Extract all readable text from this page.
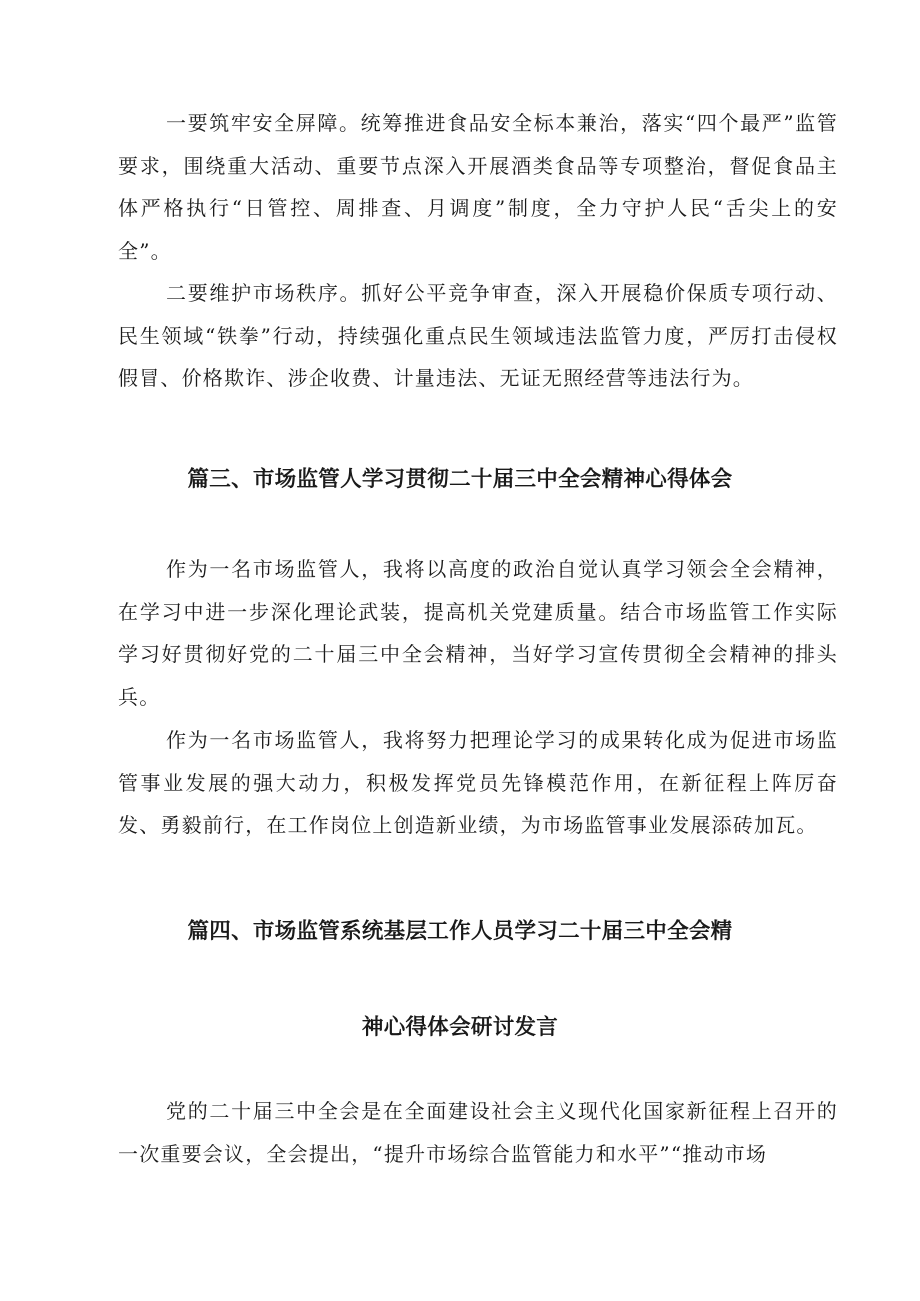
一要筑牢安全屏障。统筹推进食品安全标本兼治，落实“四个最严”监管要求，围绕重大活动、重要节点深入开展酒类食品等专项整治，督促食品主体严格执行“日管控、周排查、月调度”制度，全力守护人民“舌尖上的安全”。

二要维护市场秩序。抓好公平竞争审查，深入开展稳价保质专项行动、民生领域“铁拳”行动，持续强化重点民生领域违法监管力度，严厉打击侵权假冒、价格欺诈、涉企收费、计量违法、无证无照经营等违法行为。

篇三、市场监管人学习贯彻二十届三中全会精神心得体会

作为一名市场监管人，我将以高度的政治自觉认真学习领会全会精神，在学习中进一步深化理论武装，提高机关党建质量。结合市场监管工作实际学习好贯彻好党的二十届三中全会精神，当好学习宣传贯彻全会精神的排头兵。

作为一名市场监管人，我将努力把理论学习的成果转化成为促进市场监管事业发展的强大动力，积极发挥党员先锋模范作用，在新征程上阵厉奋发、勇毅前行，在工作岗位上创造新业绩，为市场监管事业发展添砖加瓦。

篇四、市场监管系统基层工作人员学习二十届三中全会精
神心得体会研讨发言

党的二十届三中全会是在全面建设社会主义现代化国家新征程上召开的一次重要会议，全会提出，“提升市场综合监管能力和水平”“推动市场
